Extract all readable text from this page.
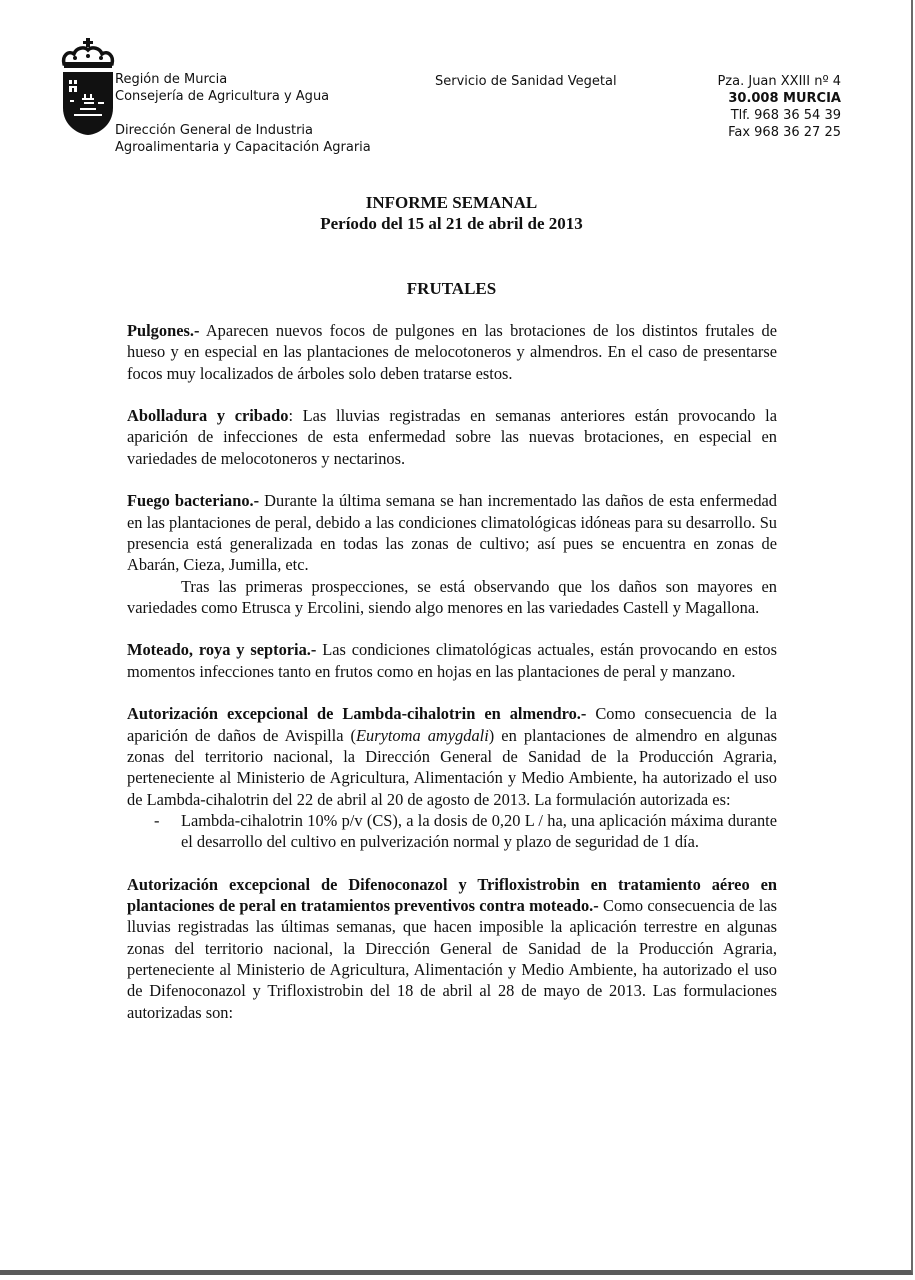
Región de Murcia
Consejería de Agricultura y Agua
Dirección General de Industria
Agroalimentaria y Capacitación Agraria
Servicio de Sanidad Vegetal	Pza. Juan XXIII nº 4
30.008 MURCIA
Tlf. 968 36 54 39
Fax 968 36 27 25
INFORME SEMANAL
Período del 15 al 21 de abril de 2013
FRUTALES

Pulgones.- Aparecen nuevos focos de pulgones en las brotaciones de los distintos frutales de hueso y en especial en las plantaciones de melocotoneros y almendros. En el caso de presentarse focos muy localizados de árboles solo deben tratarse estos.

Abolladura y cribado: Las lluvias registradas en semanas anteriores están provocando la aparición de infecciones de esta enfermedad sobre las nuevas brotaciones, en especial en variedades de melocotoneros y nectarinos.

Fuego bacteriano.- Durante la última semana se han incrementado las daños de esta enfermedad en las plantaciones de peral, debido a las condiciones climatológicas idóneas para su desarrollo. Su presencia está generalizada en todas las zonas de cultivo; así pues se encuentra en zonas de Abarán, Cieza, Jumilla, etc.

Tras las primeras prospecciones, se está observando que los daños son mayores en variedades como Etrusca y Ercolini, siendo algo menores en las variedades Castell y Magallona.

Moteado, roya y septoria.- Las condiciones climatológicas actuales, están provocando en estos momentos infecciones tanto en frutos como en hojas en las plantaciones de peral y manzano.

Autorización excepcional de Lambda-cihalotrin en almendro.- Como consecuencia de la aparición de daños de Avispilla (Eurytoma amygdali) en plantaciones de almendro en algunas zonas del territorio nacional, la Dirección General de Sanidad de la Producción Agraria, perteneciente al Ministerio de Agricultura, Alimentación y Medio Ambiente, ha autorizado el uso de Lambda-cihalotrin del 22 de abril al 20 de agosto de 2013. La formulación autorizada es:

- Lambda-cihalotrin 10% p/v (CS), a la dosis de 0,20 L / ha, una aplicación máxima durante el desarrollo del cultivo en pulverización normal y plazo de seguridad de 1 día.

Autorización excepcional de Difenoconazol y Trifloxistrobin en tratamiento aéreo en plantaciones de peral en tratamientos preventivos contra moteado.- Como consecuencia de las lluvias registradas las últimas semanas, que hacen imposible la aplicación terrestre en algunas zonas del territorio nacional, la Dirección General de Sanidad de la Producción Agraria, perteneciente al Ministerio de Agricultura, Alimentación y Medio Ambiente, ha autorizado el uso de Difenoconazol y Trifloxistrobin del 18 de abril al 28 de mayo de 2013. Las formulaciones autorizadas son:
